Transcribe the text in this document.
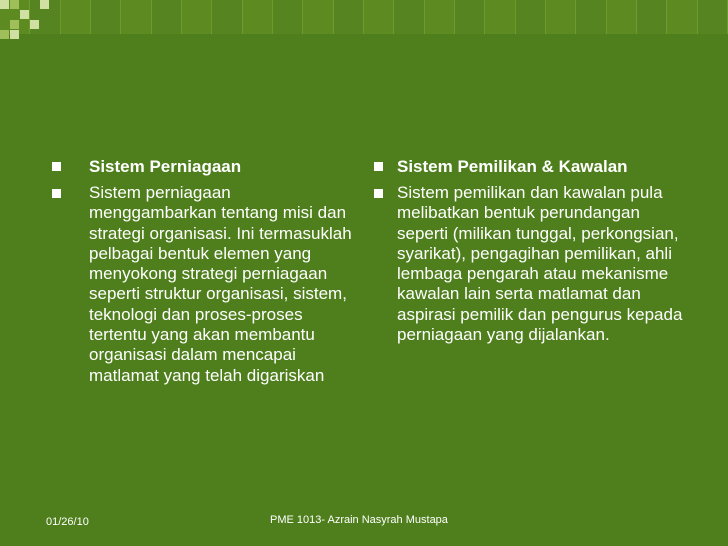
Sistem Perniagaan
Sistem perniagaan menggambarkan tentang misi dan strategi organisasi. Ini termasuklah pelbagai bentuk elemen yang menyokong strategi perniagaan seperti struktur organisasi, sistem, teknologi dan proses-proses tertentu yang akan membantu organisasi dalam mencapai matlamat yang telah digariskan
Sistem Pemilikan & Kawalan
Sistem pemilikan dan kawalan pula melibatkan bentuk perundangan seperti (milikan tunggal, perkongsian, syarikat), pengagihan pemilikan, ahli lembaga pengarah atau mekanisme kawalan lain serta matlamat dan aspirasi pemilik dan pengurus kepada perniagaan yang dijalankan.
01/26/10	PME 1013- Azrain Nasyrah Mustapa
